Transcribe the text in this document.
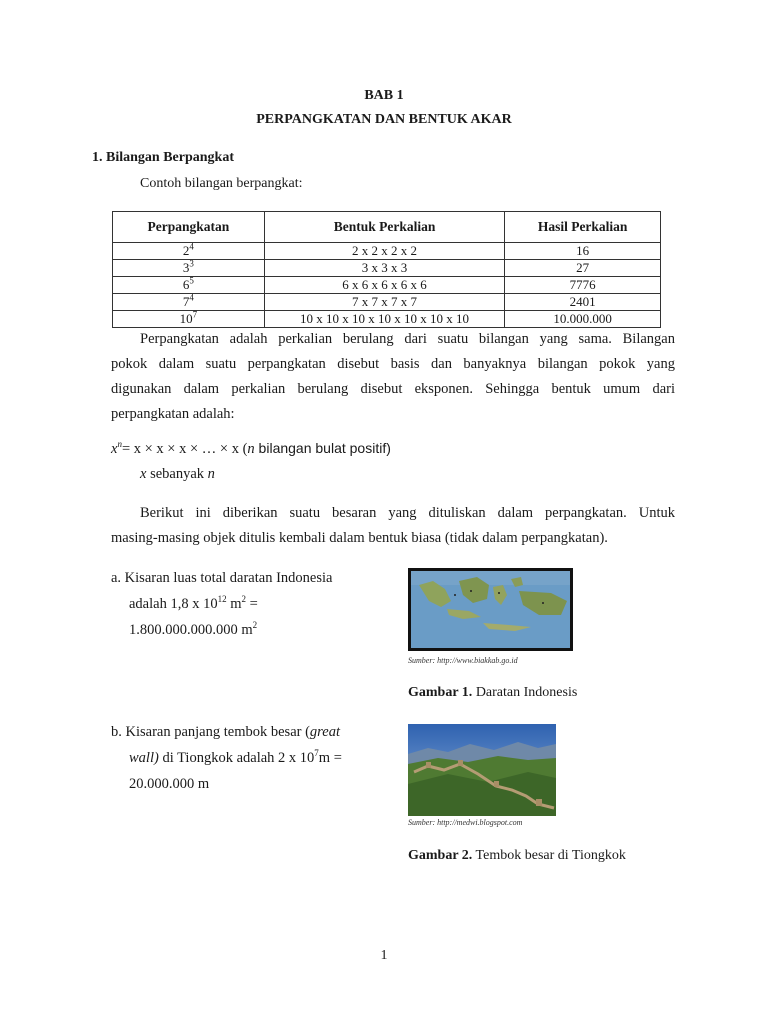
BAB 1
PERPANGKATAN DAN BENTUK AKAR
1. Bilangan Berpangkat
Contoh bilangan berpangkat:
Perpangkatan	Bentuk Perkalian	Hasil Perkalian
$2^4$	2 x 2 x 2 x 2	16
$3^3$	3 x 3 x 3	27
$6^5$	6 x 6 x 6 x 6 x 6	7776
$7^4$	7 x 7 x 7 x 7	2401
$10^7$	10 x 10 x 10 x 10 x 10 x 10 x 10	10.000.000
Perpangkatan adalah perkalian berulang dari suatu bilangan yang sama. Bilangan
pokok dalam suatu perpangkatan disebut basis dan banyaknya bilangan pokok yang
digunakan dalam perkalian berulang disebut eksponen. Sehingga bentuk umum dari
perpangkatan adalah:
$x^n= x \times x \times x$ × … × x (n bilangan bulat positif)
x sebanyak n
Berikut ini diberikan suatu besaran yang dituliskan dalam perpangkatan. Untuk
masing-masing objek ditulis kembali dalam bentuk biasa (tidak dalam perpangkatan).
a. Kisaran luas total daratan Indonesia
adalah 1,8 x $10^{12}$ $m^2$ =
1.800.000.000.000 $m^2$
Sumber: http://www.biakkab.go.id
Gambar 1. Daratan Indonesis
b. Kisaran panjang tembok besar (great
wall) di Tiongkok adalah 2 x $10^7m$ =
20.000.000 m
Sumber: http://medwi.blogspot.com
Gambar 2. Tembok besar di Tiongkok
1
